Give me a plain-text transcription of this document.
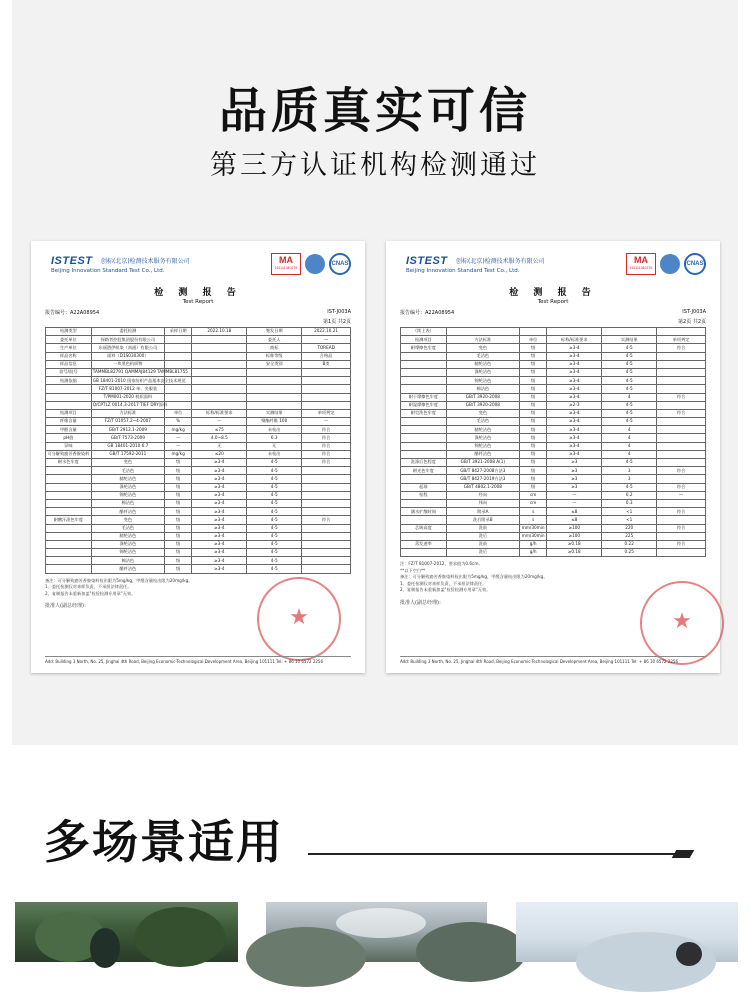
品质真实可信
第三方认证机构检测通过
ISTEST 创标(北京)检测技术服务有限公司
Beijing Innovation Standard Test Co., Ltd.
MA
161111340276
CNAS
检 测 报 告
Test Report
报告编号：A22A08954	IST-J003A
第1页 共2页
检测类型	委托检测	采样日期	2022.10.18	签发日期	2022.10.21
委托单位	探路者控股集团股份有限公司			委托人	—
生产单位	东丽酒伊织染（南通）有限公司			商标	TOREAD
样品名称	面料（D1S030300）			标称等级	合格品
样品信息	一块黑色机织物			安全类别	B类
款号/批号	TAMMBL82791 QAMMAJ84129 TAMMBL81755				
检测依据	GB 18401-2010 国家纺织产品基本安全技术规范				
	FZ/T 81007-2012 单、夹服装				
	T/PM001-2020 机织面料				
	Q/CPTLZ 0014.3-2017 TIEF DRY面料				
检测项目	方法标准	单位	标称/标准要求	实测结果	单项判定
纤维含量	FZ/T 01057.2~4-2007	%	—	聚酯纤维 100	—
甲醛含量	GB/T 2912.1-2009	mg/kg	≤75	未检出	符合
pH值	GB/T 7573-2009	—	4.0~8.5	6.3	符合
异味	GB 18401-2010 6.7	—	无	无	符合
可分解致癌芳香胺染料	GB/T 17592-2011	mg/kg	≤20	未检出	符合
耐水色牢度	变色	级	≥3-4	4-5	符合
	毛沾色	级	≥3-4	4-5	
	腈纶沾色	级	≥3-4	4-5	
	涤纶沾色	级	≥3-4	4-5	
	锦纶沾色	级	≥3-4	4-5	
	棉沾色	级	≥3-4	4-5	
	醋纤沾色	级	≥3-4	4-5	
耐酸汗渍色牢度	变色	级	≥3-4	4-5	符合
	毛沾色	级	≥3-4	4-5	
	腈纶沾色	级	≥3-4	4-5	
	涤纶沾色	级	≥3-4	4-5	
	锦纶沾色	级	≥3-4	4-5	
	棉沾色	级	≥3-4	4-5	
	醋纤沾色	级	≥3-4	4-5	
备注：可分解致癌芳香胺染料检出限为5mg/kg，甲醛含量检出限为20mg/kg。
1、委托检测仅对来样负责，不承担法律责任。
2、复制报告未重新加盖"检验检测专用章"无效。
批准人(副总经理)：	★
Add: Building 3 North, No. 25, Jinghai 4th Road, Beijing Economic-Technological Development Area, Beijing 101111 Tel: + 86 10 6572 2256
ISTEST 创标(北京)检测技术服务有限公司
Beijing Innovation Standard Test Co., Ltd.
MA
161111340276
CNAS
检 测 报 告
Test Report
报告编号：A22A08954	IST-J003A
第2页 共2页
（续上表）					
检测项目	方法标准	单位	标称/标准要求	实测结果	单项判定
耐摩擦色牢度	变色	级	≥3-4	4-5	符合
	毛沾色	级	≥3-4	4-5	
	腈纶沾色	级	≥3-4	4-5	
	涤纶沾色	级	≥3-4	4-5	
	锦纶沾色	级	≥3-4	4-5	
	棉沾色	级	≥3-4	4-5	
耐干摩擦色牢度	GB/T 3920-2008	级	≥3-4	4	符合
耐湿摩擦色牢度	GB/T 3920-2008	级	≥2-3	4-5	
耐皂洗色牢度	变色	级	≥3-4	4-5	符合
	毛沾色	级	≥3-4	4-5	
	腈纶沾色	级	≥3-4	4	
	涤纶沾色	级	≥3-4	4	
	锦纶沾色	级	≥3-4	4	
	醋纤沾色	级	≥3-4	4	
洗涤后色程度	GB/T 3921-2008 A(1)	级	≥3	4-5	
耐光色牢度	GB/T 8427-2008方法3	级	≥3	3	符合
	GB/T 8427-2019方法3	级	≥3	3	
起球	GB/T 4802.1-2008	级	≥3	4-5	符合
检程	经向	cm	—	0.2	—
	纬向	cm	—	0.3	
涵水扩散时间	附录A	s	≤8	<1	符合
	洗后附录B	s	≤8	<1	
芯吸高度	洗前	mm/30min	≥100	220	符合
	洗后	mm/30min	≥100	225	
蒸发速率	洗前	g/h	≥0.18	0.22	符合
	洗后	g/h	≥0.18	0.25	
注：FZ/T 81007-2012、要求值为0.6cm。
**以下空白**
备注：可分解致癌芳香胺染料检出限为5mg/kg，甲醛含量检出限为20mg/kg。
1、委托检测仅对来样负责，不承担法律责任。
2、复制报告未重新加盖"检验检测专用章"无效。
批准人(副总经理)：
★
Add: Building 3 North, No. 25, Jinghai 4th Road, Beijing Economic-Technological Development Area, Beijing 101111 Tel: + 86 10 6572 2256
多场景适用
